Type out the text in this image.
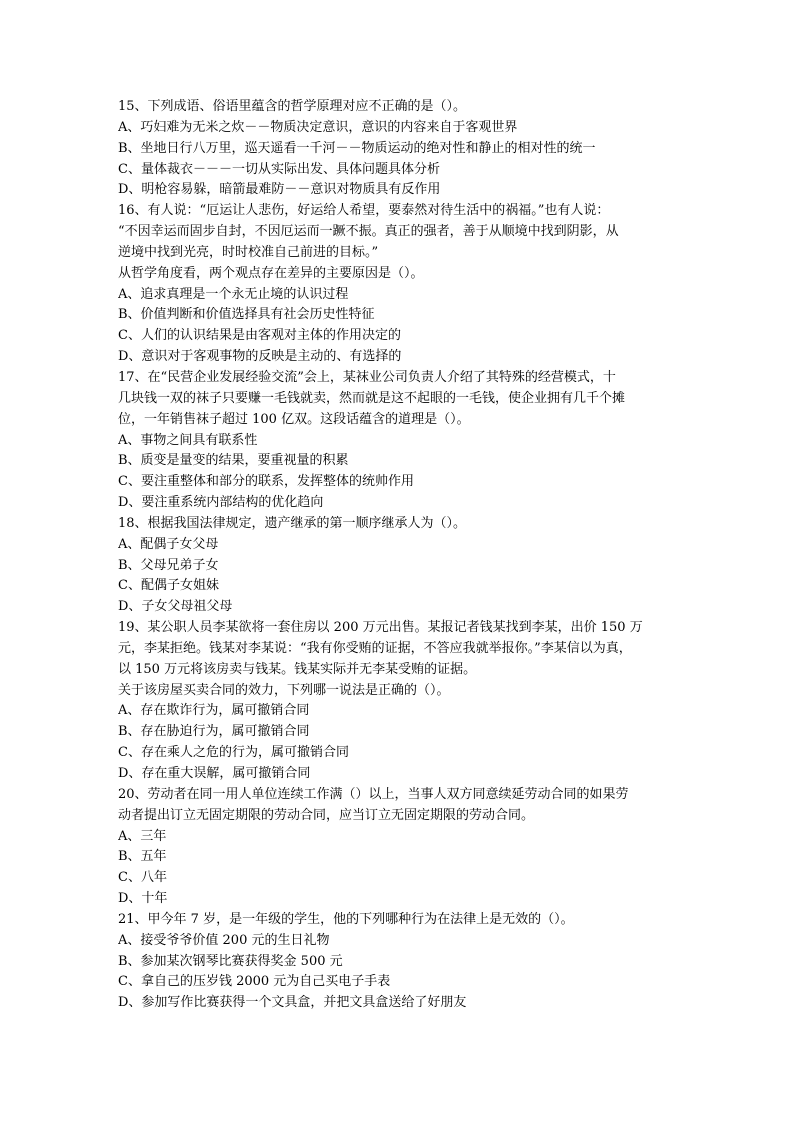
15、下列成语、俗语里蕴含的哲学原理对应不正确的是（）。
A、巧妇难为无米之炊－－物质决定意识，意识的内容来自于客观世界
B、坐地日行八万里，巡天遥看一千河－－物质运动的绝对性和静止的相对性的统一
C、量体裁衣－－－一切从实际出发、具体问题具体分析
D、明枪容易躲，暗箭最难防－－意识对物质具有反作用
16、有人说：“厄运让人悲伤，好运给人希望，要泰然对待生活中的祸福。”也有人说：
“不因幸运而固步自封，不因厄运而一蹶不振。真正的强者，善于从顺境中找到阴影，从
逆境中找到光亮，时时校准自己前进的目标。”
从哲学角度看，两个观点存在差异的主要原因是（）。
A、追求真理是一个永无止境的认识过程
B、价值判断和价值选择具有社会历史性特征
C、人们的认识结果是由客观对主体的作用决定的
D、意识对于客观事物的反映是主动的、有选择的
17、在“民营企业发展经验交流”会上，某袜业公司负责人介绍了其特殊的经营模式，十
几块钱一双的袜子只要赚一毛钱就卖，然而就是这不起眼的一毛钱，使企业拥有几千个摊
位，一年销售袜子超过 100 亿双。这段话蕴含的道理是（）。
A、事物之间具有联系性
B、质变是量变的结果，要重视量的积累
C、要注重整体和部分的联系，发挥整体的统帅作用
D、要注重系统内部结构的优化趋向
18、根据我国法律规定，遗产继承的第一顺序继承人为（）。
A、配偶子女父母
B、父母兄弟子女
C、配偶子女姐妹
D、子女父母祖父母
19、某公职人员李某欲将一套住房以 200 万元出售。某报记者钱某找到李某，出价 150 万
元，李某拒绝。钱某对李某说：“我有你受贿的证据，不答应我就举报你。”李某信以为真，
以 150 万元将该房卖与钱某。钱某实际并无李某受贿的证据。
关于该房屋买卖合同的效力，下列哪一说法是正确的（）。
A、存在欺诈行为，属可撤销合同
B、存在胁迫行为，属可撤销合同
C、存在乘人之危的行为，属可撤销合同
D、存在重大误解，属可撤销合同
20、劳动者在同一用人单位连续工作满（）以上，当事人双方同意续延劳动合同的如果劳
动者提出订立无固定期限的劳动合同，应当订立无固定期限的劳动合同。
A、三年
B、五年
C、八年
D、十年
21、甲今年 7 岁，是一年级的学生，他的下列哪种行为在法律上是无效的（）。
A、接受爷爷价值 200 元的生日礼物
B、参加某次钢琴比赛获得奖金 500 元
C、拿自己的压岁钱 2000 元为自己买电子手表
D、参加写作比赛获得一个文具盒，并把文具盒送给了好朋友
